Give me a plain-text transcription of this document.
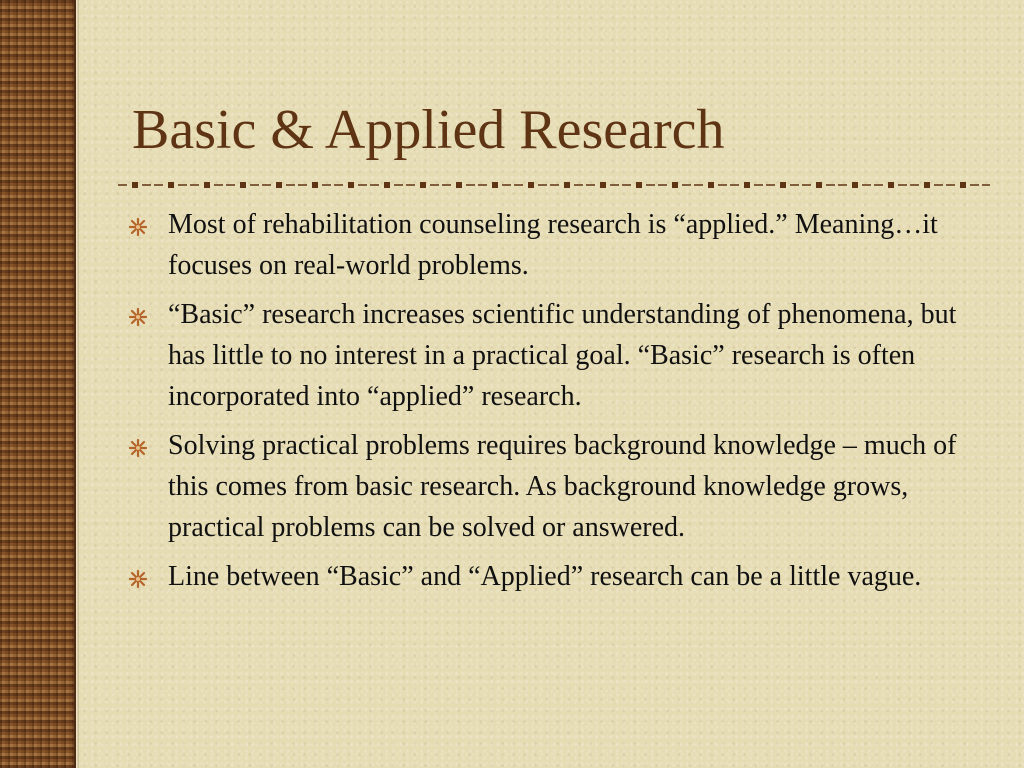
Basic & Applied Research
Most of rehabilitation counseling research is “applied.” Meaning…it focuses on real-world problems.
“Basic” research increases scientific understanding of phenomena, but has little to no interest in a practical goal. “Basic” research is often incorporated into “applied” research.
Solving practical problems requires background knowledge – much of this comes from basic research. As background knowledge grows, practical problems can be solved or answered.
Line between “Basic” and “Applied” research can be a little vague.
